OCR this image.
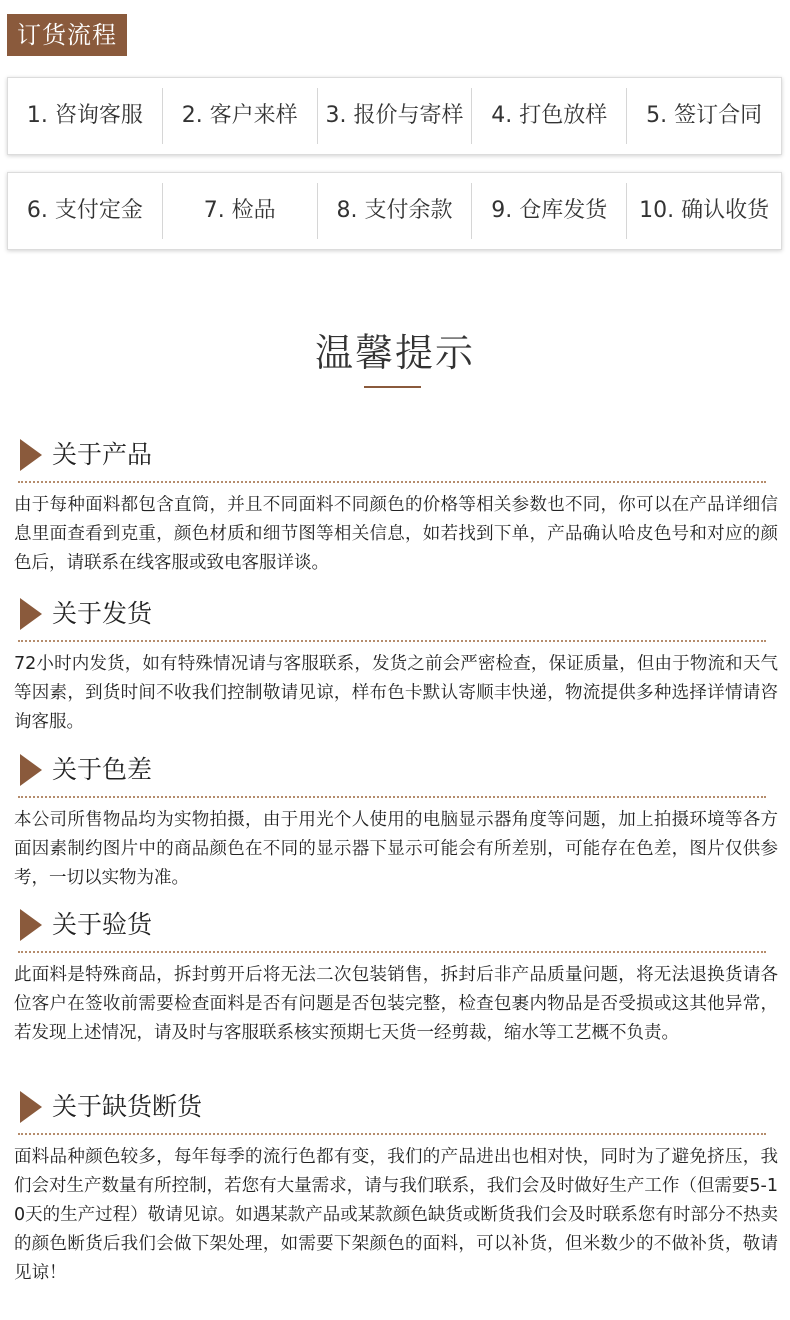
订货流程
1. 咨询客服	2. 客户来样	3. 报价与寄样	4. 打色放样	5. 签订合同
6. 支付定金	7. 检品	8. 支付余款	9. 仓库发货	10. 确认收货
温馨提示
关于产品
由于每种面料都包含直筒，并且不同面料不同颜色的价格等相关参数也不同，你可以在产品详细信息里面查看到克重，颜色材质和细节图等相关信息，如若找到下单，产品确认哈皮色号和对应的颜色后，请联系在线客服或致电客服详谈。
关于发货
72小时内发货，如有特殊情况请与客服联系，发货之前会严密检查，保证质量，但由于物流和天气等因素，到货时间不收我们控制敬请见谅，样布色卡默认寄顺丰快递，物流提供多种选择详情请咨询客服。
关于色差
本公司所售物品均为实物拍摄，由于用光个人使用的电脑显示器角度等问题，加上拍摄环境等各方面因素制约图片中的商品颜色在不同的显示器下显示可能会有所差别，可能存在色差，图片仅供参考，一切以实物为准。
关于验货
此面料是特殊商品，拆封剪开后将无法二次包装销售，拆封后非产品质量问题，将无法退换货请各位客户在签收前需要检查面料是否有问题是否包装完整，检查包裹内物品是否受损或这其他异常，若发现上述情况，请及时与客服联系核实预期七天货一经剪裁，缩水等工艺概不负责。
关于缺货断货
面料品种颜色较多，每年每季的流行色都有变，我们的产品进出也相对快，同时为了避免挤压，我们会对生产数量有所控制，若您有大量需求，请与我们联系，我们会及时做好生产工作（但需要5-10天的生产过程）敬请见谅。如遇某款产品或某款颜色缺货或断货我们会及时联系您有时部分不热卖的颜色断货后我们会做下架处理，如需要下架颜色的面料，可以补货，但米数少的不做补货，敬请见谅！
